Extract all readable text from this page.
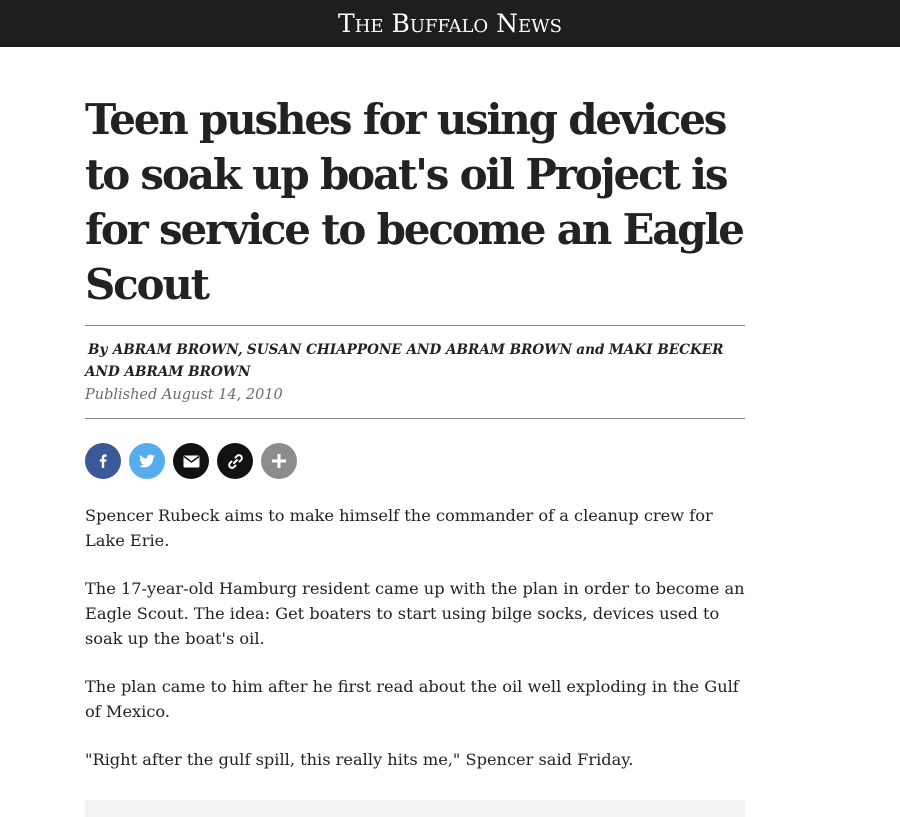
The Buffalo News
Teen pushes for using devices to soak up boat's oil Project is for service to become an Eagle Scout
By ABRAM BROWN, SUSAN CHIAPPONE AND ABRAM BROWN and MAKI BECKER AND ABRAM BROWN
Published August 14, 2010

Spencer Rubeck aims to make himself the commander of a cleanup crew for Lake Erie.

The 17-year-old Hamburg resident came up with the plan in order to become an Eagle Scout. The idea: Get boaters to start using bilge socks, devices used to soak up the boat's oil.

The plan came to him after he first read about the oil well exploding in the Gulf of Mexico.

"Right after the gulf spill, this really hits me," Spencer said Friday.
